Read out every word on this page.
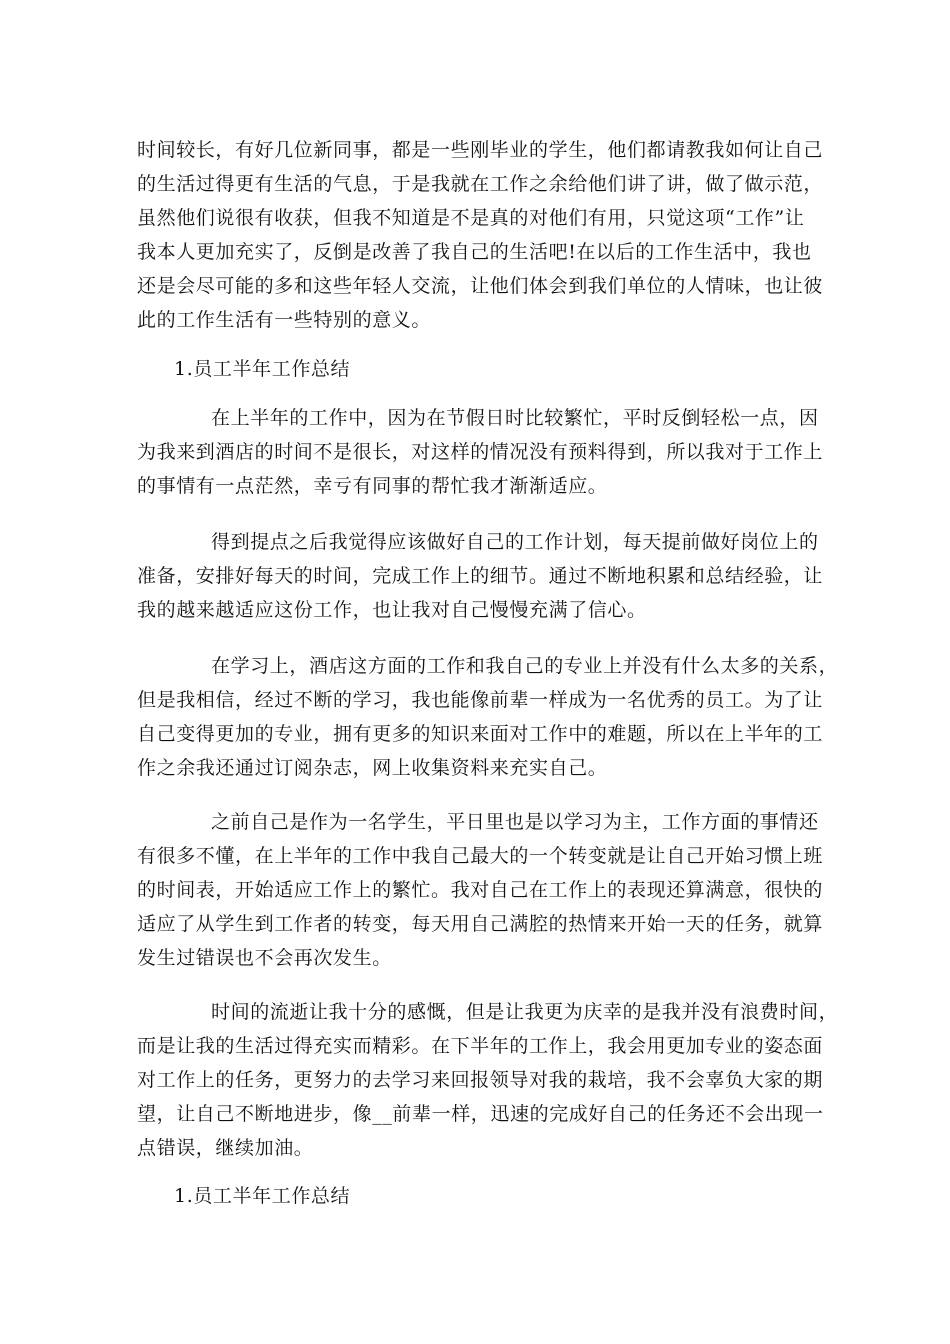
时间较长，有好几位新同事，都是一些刚毕业的学生，他们都请教我如何让自己
的生活过得更有生活的气息，于是我就在工作之余给他们讲了讲，做了做示范，
虽然他们说很有收获，但我不知道是不是真的对他们有用，只觉这项“工作”让
我本人更加充实了，反倒是改善了我自己的生活吧!在以后的工作生活中，我也
还是会尽可能的多和这些年轻人交流，让他们体会到我们单位的人情味，也让彼
此的工作生活有一些特别的意义。
1.员工半年工作总结
在上半年的工作中，因为在节假日时比较繁忙，平时反倒轻松一点，因
为我来到酒店的时间不是很长，对这样的情况没有预料得到，所以我对于工作上
的事情有一点茫然，幸亏有同事的帮忙我才渐渐适应。
得到提点之后我觉得应该做好自己的工作计划，每天提前做好岗位上的
准备，安排好每天的时间，完成工作上的细节。通过不断地积累和总结经验，让
我的越来越适应这份工作，也让我对自己慢慢充满了信心。
在学习上，酒店这方面的工作和我自己的专业上并没有什么太多的关系，
但是我相信，经过不断的学习，我也能像前辈一样成为一名优秀的员工。为了让
自己变得更加的专业，拥有更多的知识来面对工作中的难题，所以在上半年的工
作之余我还通过订阅杂志，网上收集资料来充实自己。
之前自己是作为一名学生，平日里也是以学习为主，工作方面的事情还
有很多不懂，在上半年的工作中我自己最大的一个转变就是让自己开始习惯上班
的时间表，开始适应工作上的繁忙。我对自己在工作上的表现还算满意，很快的
适应了从学生到工作者的转变，每天用自己满腔的热情来开始一天的任务，就算
发生过错误也不会再次发生。
时间的流逝让我十分的感慨，但是让我更为庆幸的是我并没有浪费时间，
而是让我的生活过得充实而精彩。在下半年的工作上，我会用更加专业的姿态面
对工作上的任务，更努力的去学习来回报领导对我的栽培，我不会辜负大家的期
望，让自己不断地进步，像__前辈一样，迅速的完成好自己的任务还不会出现一
点错误，继续加油。
1.员工半年工作总结
